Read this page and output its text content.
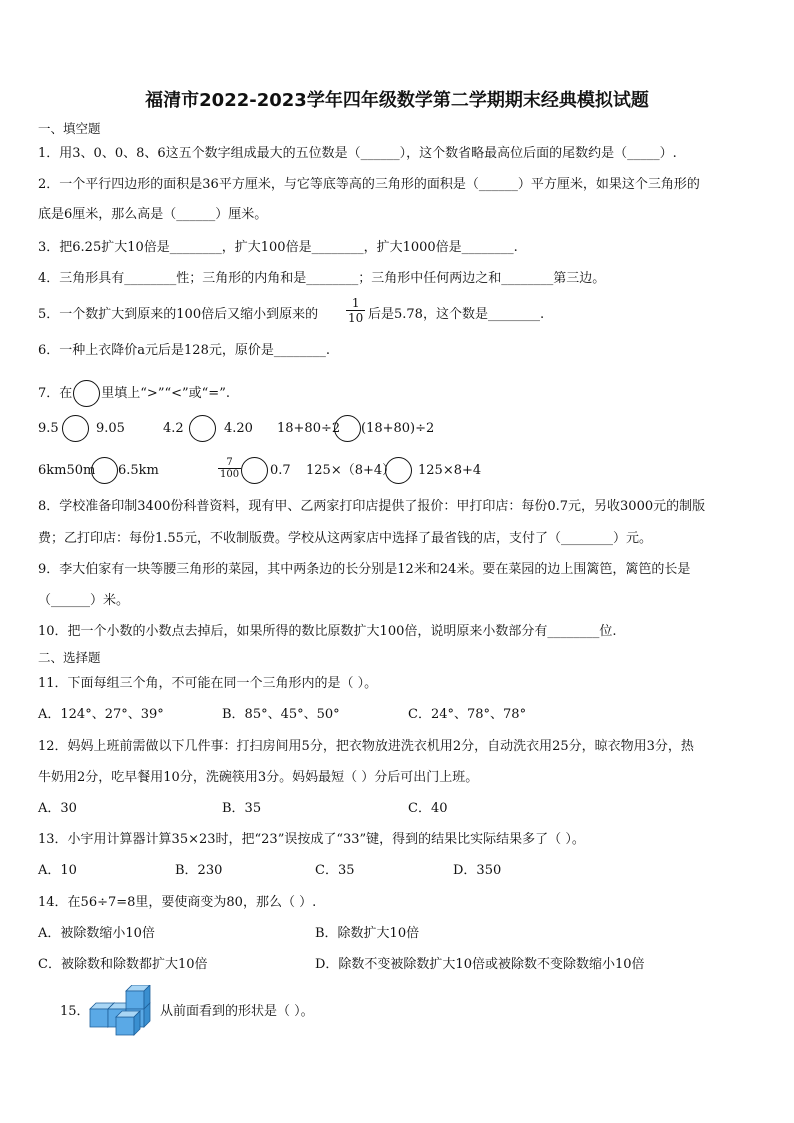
福清市2022-2023学年四年级数学第二学期期末经典模拟试题
一、填空题
1．用3、0、0、8、6这五个数字组成最大的五位数是（______），这个数省略最高位后面的尾数约是（_____）.
2．一个平行四边形的面积是36平方厘米，与它等底等高的三角形的面积是（______）平方厘米，如果这个三角形的
底是6厘米，那么高是（______）厘米。
3．把6.25扩大10倍是________，扩大100倍是________，扩大1000倍是________.
4．三角形具有________性；三角形的内角和是________；三角形中任何两边之和________第三边。
5．一个数扩大到原来的100倍后又缩小到原来的 $\frac{1}{10}$ 后是5.78，这个数是________.
6．一种上衣降价a元后是128元，原价是________.
7．在 里填上“>”“<”或“=”.
9.5	9.05	4.2	4.20 18+80÷2 (18+80)÷2
6km50m 6.5km	$\frac{7}{100} 0.7$ 125×（8+4） 125×8+4
8．学校准备印制3400份科普资料，现有甲、乙两家打印店提供了报价：甲打印店：每份0.7元，另收3000元的制版
费；乙打印店：每份1.55元，不收制版费。学校从这两家店中选择了最省钱的店，支付了（________）元。
9．李大伯家有一块等腰三角形的菜园，其中两条边的长分别是12米和24米。要在菜园的边上围篱笆，篱笆的长是
（______）米。
10．把一个小数的小数点去掉后，如果所得的数比原数扩大100倍，说明原来小数部分有________位.
二、选择题
11．下面每组三个角，不可能在同一个三角形内的是（ ）。
A．124°、27°、39°	B．85°、45°、50°	C．24°、78°、78°
12．妈妈上班前需做以下几件事：打扫房间用5分，把衣物放进洗衣机用2分，自动洗衣用25分，晾衣物用3分，热
牛奶用2分，吃早餐用10分，洗碗筷用3分。妈妈最短（ ）分后可出门上班。
A．30	B．35	C．40
13．小宇用计算器计算35×23时，把“23”误按成了“33”键，得到的结果比实际结果多了（ ）。
A．10	B．230	C．35	D．350
14．在56÷7=8里，要使商变为80，那么（ ）.
A．被除数缩小10倍	B．除数扩大10倍
C．被除数和除数都扩大10倍	D．除数不变被除数扩大10倍或被除数不变除数缩小10倍
15．	从前面看到的形状是（ ）。
